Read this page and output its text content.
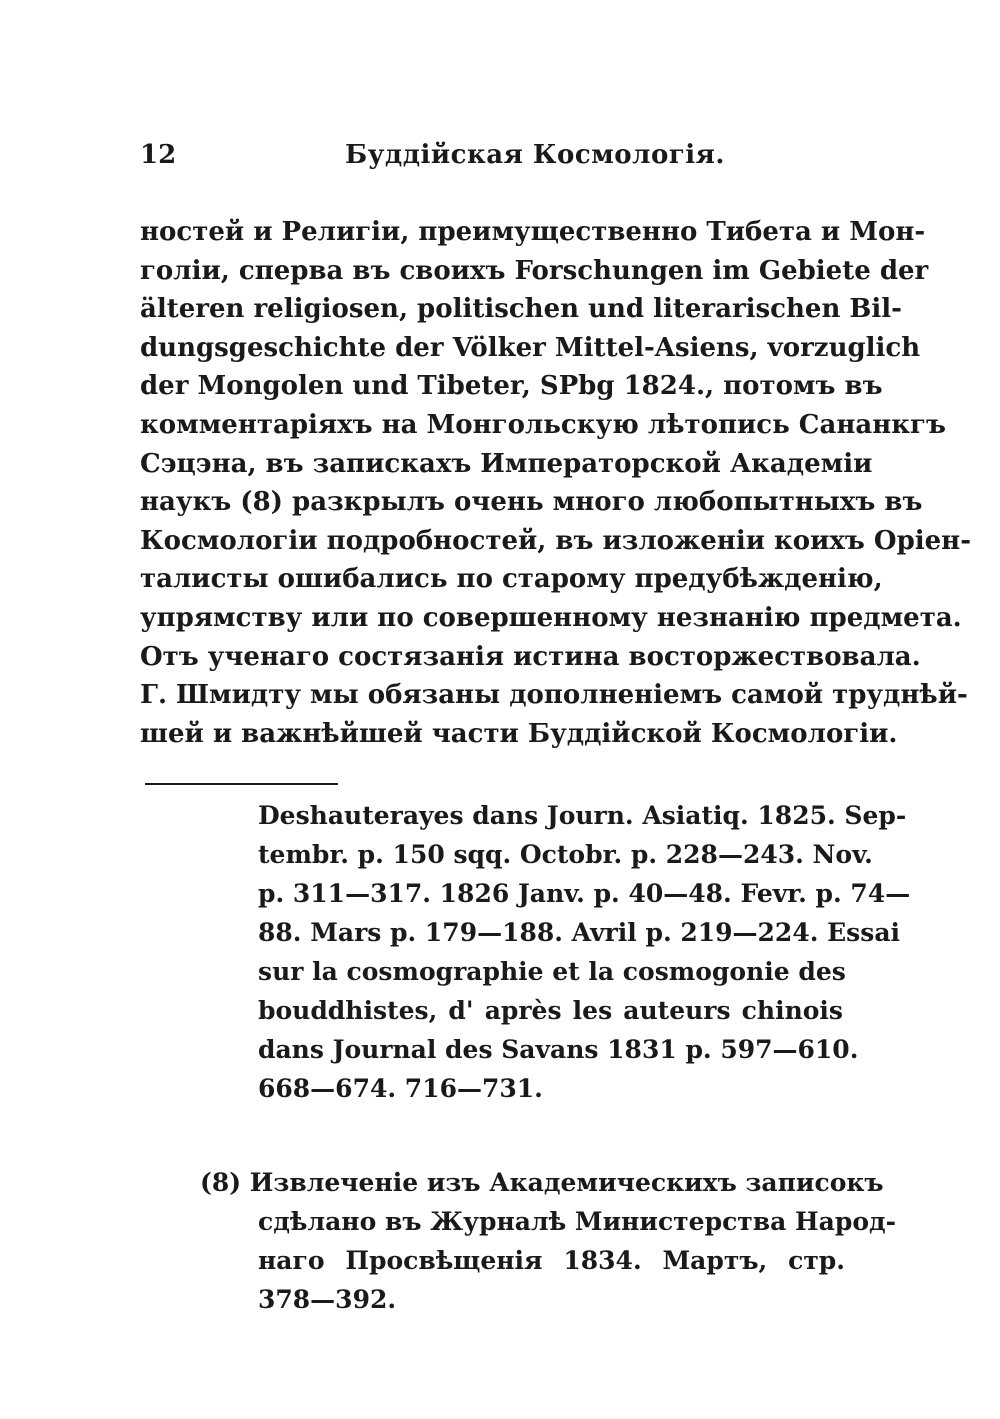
12	Буддійская Космологія.
ностей и Религіи, преимущественно Тибета и Мон-
голіи, сперва въ своихъ Forschungen im Gebiete der
älteren religiosen, politischen und literarischen Bil-
dungsgeschichte der Völker Mittel-Asiens, vorzuglich
der Mongolen und Tibeter, SPbg 1824., потомъ въ
комментаріяхъ на Монгольскую лѣтопись Сананкгъ
Сэцэна, въ запискахъ Императорской Академіи
наукъ (8) разкрылъ очень много любопытныхъ въ
Космологіи подробностей, въ изложеніи коихъ Оріен-
талисты ошибались по старому предубѣжденію,
упрямству или по совершенному незнанію предмета.
Отъ ученаго состязанія истина восторжествовала.
Г. Шмидту мы обязаны дополненіемъ самой труднѣй-
шей и важнѣйшей части Буддійской Космологіи.
Deshauterayes dans Journ. Asiatiq. 1825. Sep-
tembr. p. 150 sqq. Octobr. p. 228—243. Nov.
p. 311—317. 1826 Janv. p. 40—48. Fevr. p. 74—
88. Mars p. 179—188. Avril p. 219—224. Essai
sur la cosmographie et la cosmogonie des
bouddhistes, d' après les auteurs chinois
dans Journal des Savans 1831 p. 597—610.
668—674. 716—731.
(8) Извлеченіе изъ Академическихъ записокъ
сдѣлано въ Журналѣ Министерства Народ-
наго Просвѣщенія 1834. Мартъ, стр.
378—392.
